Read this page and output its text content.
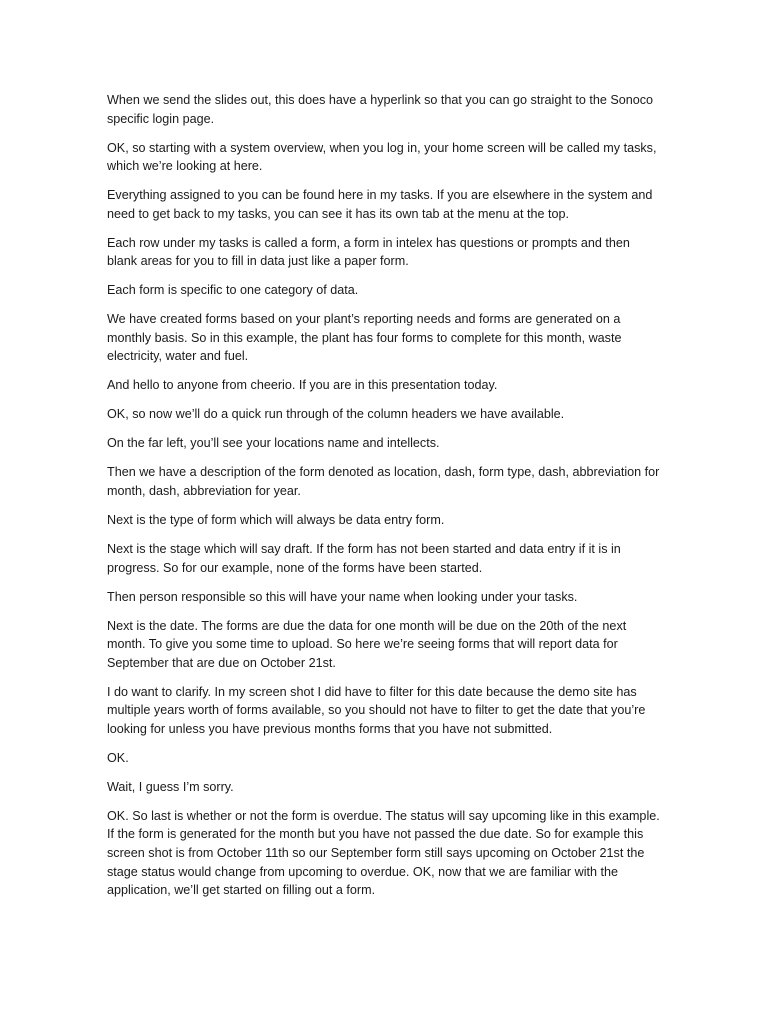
When we send the slides out, this does have a hyperlink so that you can go straight to the Sonoco specific login page.

OK, so starting with a system overview, when you log in, your home screen will be called my tasks, which we’re looking at here.

Everything assigned to you can be found here in my tasks. If you are elsewhere in the system and need to get back to my tasks, you can see it has its own tab at the menu at the top.

Each row under my tasks is called a form, a form in intelex has questions or prompts and then blank areas for you to fill in data just like a paper form.

Each form is specific to one category of data.

We have created forms based on your plant’s reporting needs and forms are generated on a monthly basis. So in this example, the plant has four forms to complete for this month, waste electricity, water and fuel.

And hello to anyone from cheerio. If you are in this presentation today.

OK, so now we’ll do a quick run through of the column headers we have available.

On the far left, you’ll see your locations name and intellects.

Then we have a description of the form denoted as location, dash, form type, dash, abbreviation for month, dash, abbreviation for year.

Next is the type of form which will always be data entry form.

Next is the stage which will say draft. If the form has not been started and data entry if it is in progress. So for our example, none of the forms have been started.

Then person responsible so this will have your name when looking under your tasks.

Next is the date. The forms are due the data for one month will be due on the 20th of the next month. To give you some time to upload. So here we’re seeing forms that will report data for September that are due on October 21st.

I do want to clarify. In my screen shot I did have to filter for this date because the demo site has multiple years worth of forms available, so you should not have to filter to get the date that you’re looking for unless you have previous months forms that you have not submitted.

OK.

Wait, I guess I’m sorry.

OK. So last is whether or not the form is overdue. The status will say upcoming like in this example. If the form is generated for the month but you have not passed the due date. So for example this screen shot is from October 11th so our September form still says upcoming on October 21st the stage status would change from upcoming to overdue. OK, now that we are familiar with the application, we’ll get started on filling out a form.
